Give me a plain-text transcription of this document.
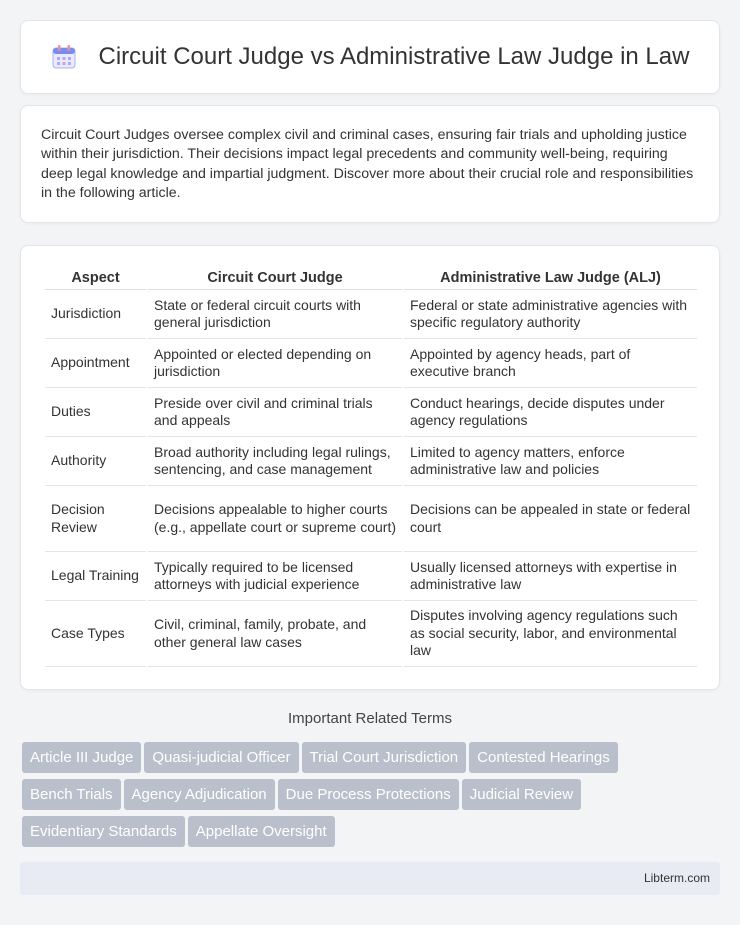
Circuit Court Judge vs Administrative Law Judge in Law

Circuit Court Judges oversee complex civil and criminal cases, ensuring fair trials and upholding justice within their jurisdiction. Their decisions impact legal precedents and community well-being, requiring deep legal knowledge and impartial judgment. Discover more about their crucial role and responsibilities in the following article.

Aspect	Circuit Court Judge	Administrative Law Judge (ALJ)
Jurisdiction	State or federal circuit courts with general jurisdiction	Federal or state administrative agencies with specific regulatory authority
Appointment	Appointed or elected depending on jurisdiction	Appointed by agency heads, part of executive branch
Duties	Preside over civil and criminal trials and appeals	Conduct hearings, decide disputes under agency regulations
Authority	Broad authority including legal rulings, sentencing, and case management	Limited to agency matters, enforce administrative law and policies
Decision Review	Decisions appealable to higher courts (e.g., appellate court or supreme court)	Decisions can be appealed in state or federal court
Legal Training	Typically required to be licensed attorneys with judicial experience	Usually licensed attorneys with expertise in administrative law
Case Types	Civil, criminal, family, probate, and other general law cases	Disputes involving agency regulations such as social security, labor, and environmental law
Important Related Terms
Article III Judge Quasi-judicial Officer Trial Court Jurisdiction Contested Hearings
Bench Trials Agency Adjudication Due Process Protections Judicial Review
Evidentiary Standards Appellate Oversight
Libterm.com
